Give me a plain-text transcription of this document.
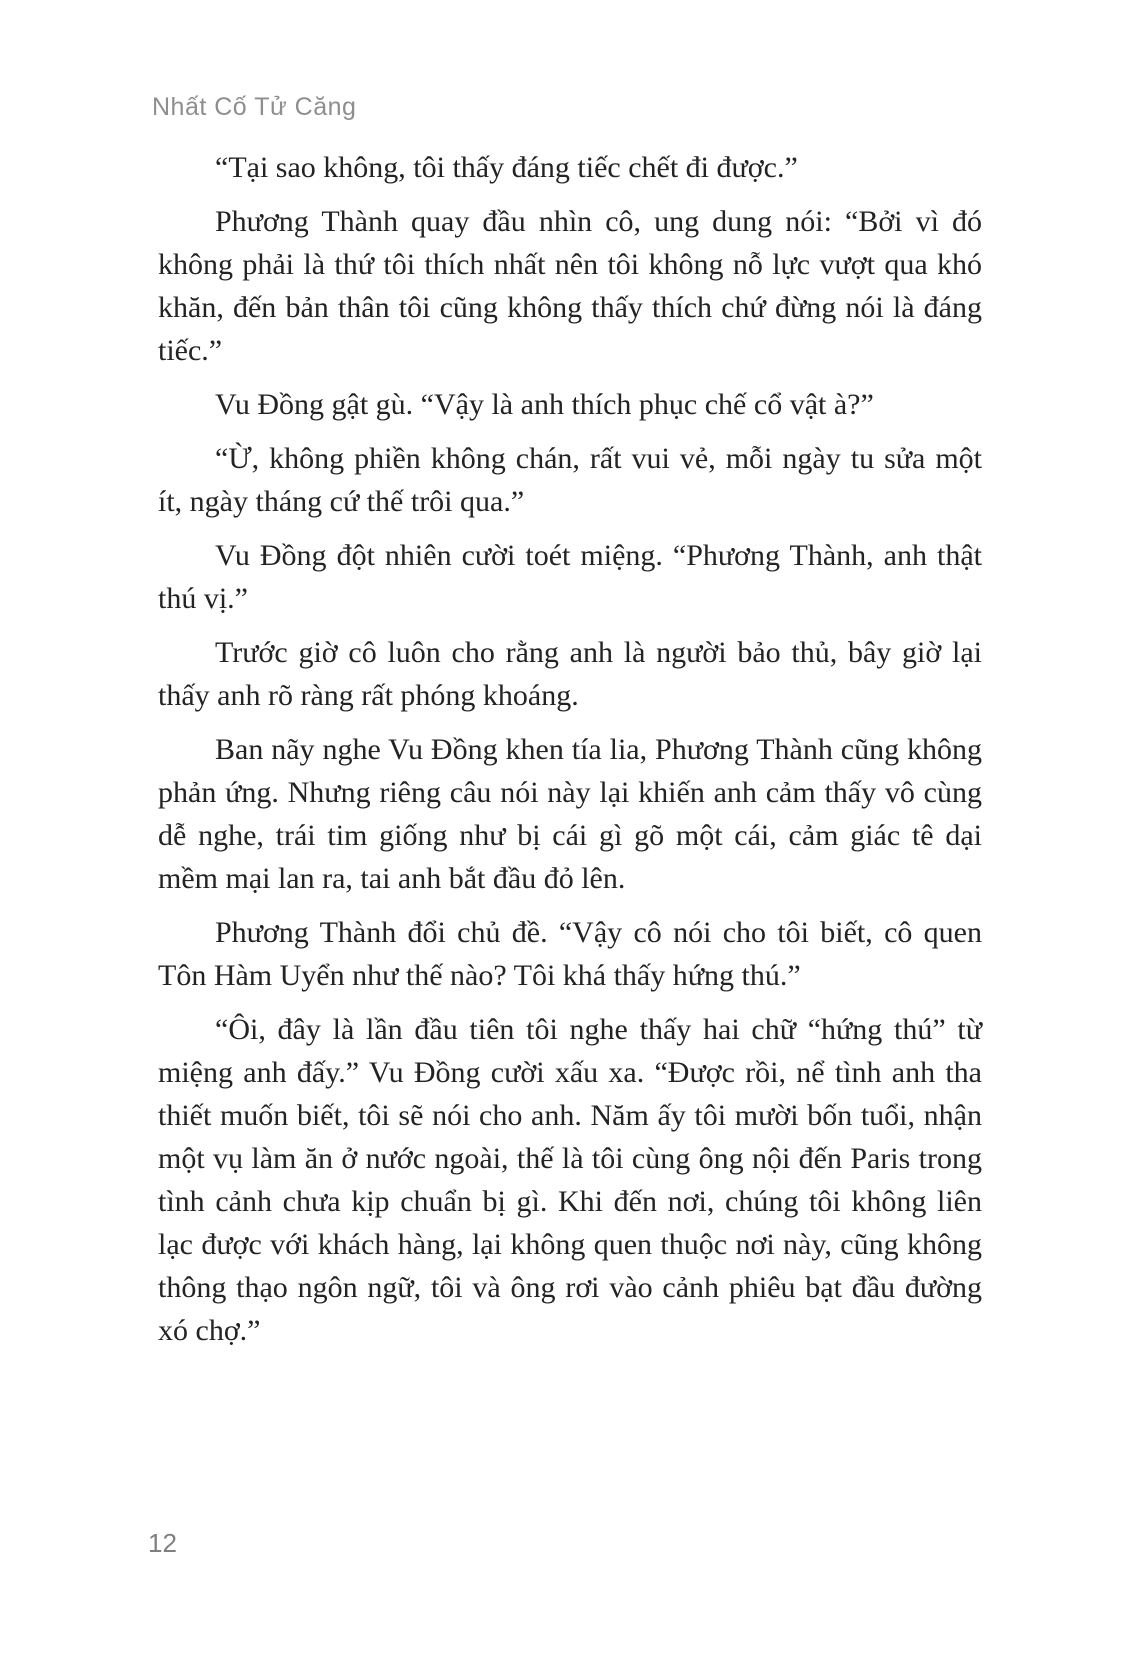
Nhất Cố Tử Căng

“Tại sao không, tôi thấy đáng tiếc chết đi được.”

Phương Thành quay đầu nhìn cô, ung dung nói: “Bởi vì đó không phải là thứ tôi thích nhất nên tôi không nỗ lực vượt qua khó khăn, đến bản thân tôi cũng không thấy thích chứ đừng nói là đáng tiếc.”

Vu Đồng gật gù. “Vậy là anh thích phục chế cổ vật à?”

“Ừ, không phiền không chán, rất vui vẻ, mỗi ngày tu sửa một ít, ngày tháng cứ thế trôi qua.”

Vu Đồng đột nhiên cười toét miệng. “Phương Thành, anh thật thú vị.”

Trước giờ cô luôn cho rằng anh là người bảo thủ, bây giờ lại thấy anh rõ ràng rất phóng khoáng.

Ban nãy nghe Vu Đồng khen tía lia, Phương Thành cũng không phản ứng. Nhưng riêng câu nói này lại khiến anh cảm thấy vô cùng dễ nghe, trái tim giống như bị cái gì gõ một cái, cảm giác tê dại mềm mại lan ra, tai anh bắt đầu đỏ lên.

Phương Thành đổi chủ đề. “Vậy cô nói cho tôi biết, cô quen Tôn Hàm Uyển như thế nào? Tôi khá thấy hứng thú.”

“Ôi, đây là lần đầu tiên tôi nghe thấy hai chữ “hứng thú” từ miệng anh đấy.” Vu Đồng cười xấu xa. “Được rồi, nể tình anh tha thiết muốn biết, tôi sẽ nói cho anh. Năm ấy tôi mười bốn tuổi, nhận một vụ làm ăn ở nước ngoài, thế là tôi cùng ông nội đến Paris trong tình cảnh chưa kịp chuẩn bị gì. Khi đến nơi, chúng tôi không liên lạc được với khách hàng, lại không quen thuộc nơi này, cũng không thông thạo ngôn ngữ, tôi và ông rơi vào cảnh phiêu bạt đầu đường xó chợ.”

12
